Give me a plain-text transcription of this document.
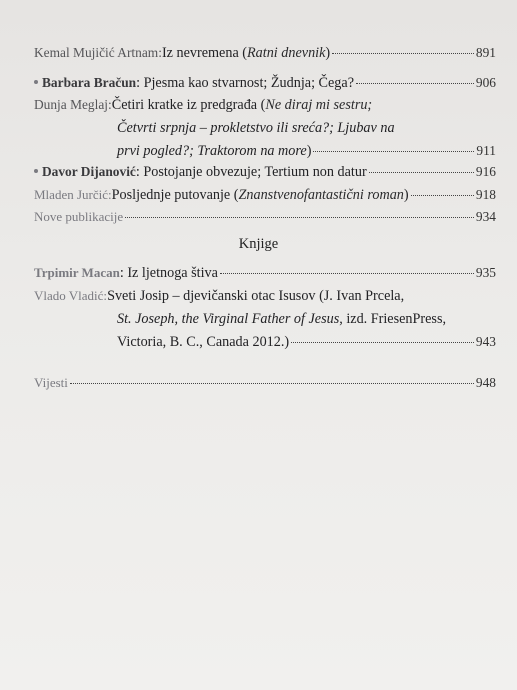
Kemal Mujičić Artnam: Iz nevremena ( Ratni dnevnik )	891
Barbara Bračun : Pjesma kao stvarnost; Žudnja; Čega?	906
Dunja Meglaj: Četiri kratke iz predgrađa ( Ne diraj mi sestru;
Četvrti srpnja – prokletstvo ili sreća?; Ljubav na
prvi pogled?; Traktorom na more )	911
Davor Dijanović : Postojanje obvezuje; Tertium non datur	916
Mladen Jurčić: Posljednje putovanje ( Znanstvenofantastični roman )	918
Nove publikacije	934
Knjige
Trpimir Macan : Iz ljetnoga štiva	935
Vlado Vladić: Sveti Josip – djevičanski otac Isusov (J. Ivan Prcela,
St. Joseph, the Virginal Father of Jesus, izd. FriesenPress,
Victoria, B. C., Canada 2012.)	943
Vijesti	948
